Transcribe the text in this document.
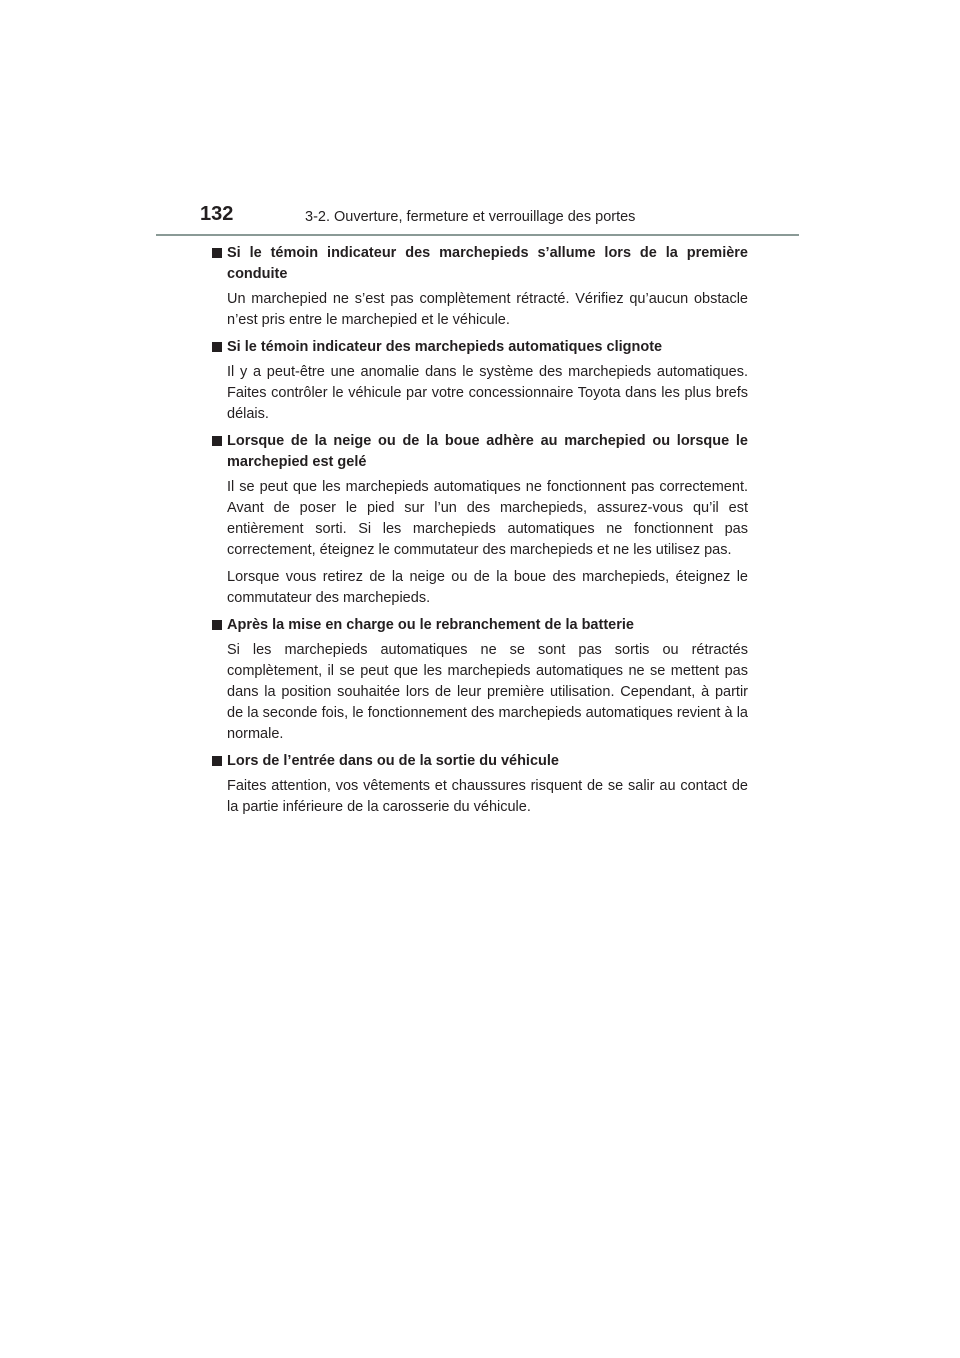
132	3-2. Ouverture, fermeture et verrouillage des portes
Si le témoin indicateur des marchepieds s’allume lors de la première conduite

Un marchepied ne s’est pas complètement rétracté. Vérifiez qu’aucun obstacle n’est pris entre le marchepied et le véhicule.

Si le témoin indicateur des marchepieds automatiques clignote

Il y a peut-être une anomalie dans le système des marchepieds automatiques. Faites contrôler le véhicule par votre concessionnaire Toyota dans les plus brefs délais.

Lorsque de la neige ou de la boue adhère au marchepied ou lorsque le marchepied est gelé

Il se peut que les marchepieds automatiques ne fonctionnent pas correctement. Avant de poser le pied sur l’un des marchepieds, assurez-vous qu’il est entièrement sorti. Si les marchepieds automatiques ne fonctionnent pas correctement, éteignez le commutateur des marchepieds et ne les utilisez pas.

Lorsque vous retirez de la neige ou de la boue des marchepieds, éteignez le commutateur des marchepieds.

Après la mise en charge ou le rebranchement de la batterie

Si les marchepieds automatiques ne se sont pas sortis ou rétractés complètement, il se peut que les marchepieds automatiques ne se mettent pas dans la position souhaitée lors de leur première utilisation. Cependant, à partir de la seconde fois, le fonctionnement des marchepieds automatiques revient à la normale.

Lors de l’entrée dans ou de la sortie du véhicule

Faites attention, vos vêtements et chaussures risquent de se salir au contact de la partie inférieure de la carosserie du véhicule.
